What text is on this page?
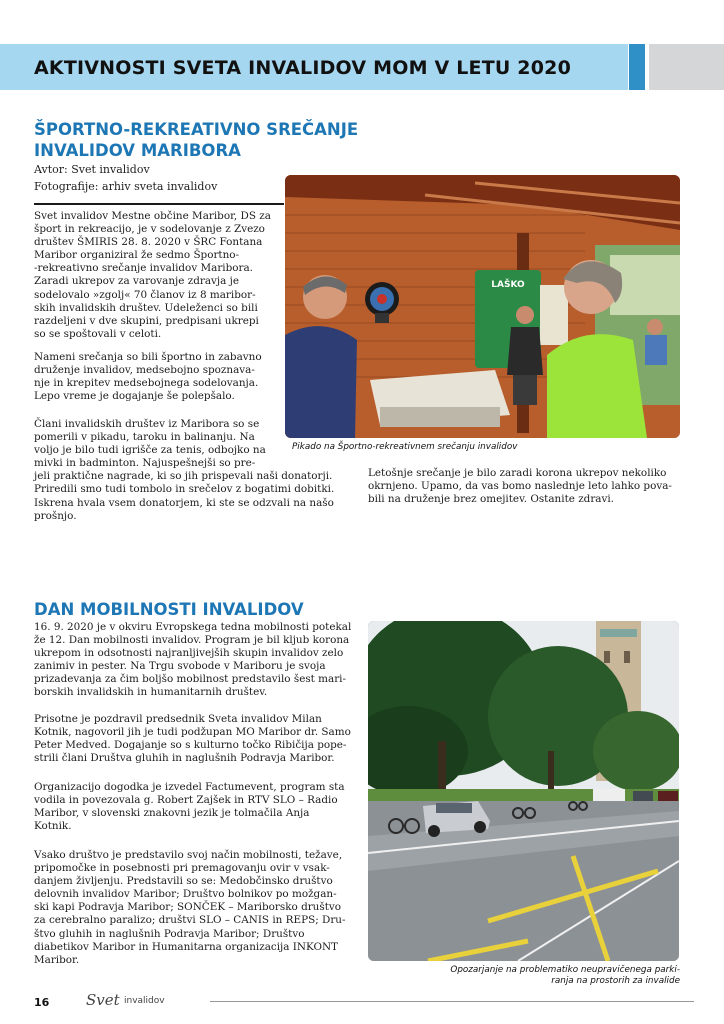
AKTIVNOSTI SVETA INVALIDOV MOM V LETU 2020
ŠPORTNO-REKREATIVNO SREČANJE
INVALIDOV MARIBORA
Avtor: Svet invalidov
Fotografije: arhiv sveta invalidov
Svet invalidov Mestne občine Maribor, DS za
šport in rekreacijo, je v sodelovanje z Zvezo
društev ŠMIRIS 28. 8. 2020 v ŠRC Fontana
Maribor organiziral že sedmo Športno-
-rekreativno srečanje invalidov Maribora.
Zaradi ukrepov za varovanje zdravja je
sodelovalo »zgolj« 70 članov iz 8 maribor-
skih invalidskih društev. Udeleženci so bili
razdeljeni v dve skupini, predpisani ukrepi
so se spoštovali v celoti.
Nameni srečanja so bili športno in zabavno
druženje invalidov, medsebojno spoznava-
nje in krepitev medsebojnega sodelovanja.
Lepo vreme je dogajanje še polepšalo.
Člani invalidskih društev iz Maribora so se
pomerili v pikadu, taroku in balinanju. Na
voljo je bilo tudi igrišče za tenis, odbojko na
mivki in badminton. Najuspešnejši so pre-
jeli praktične nagrade, ki so jih prispevali naši donatorji.
Priredili smo tudi tombolo in srečelov z bogatimi dobitki.
Iskrena hvala vsem donatorjem, ki ste se odzvali na našo
prošnjo.
LAŠKO
Pikado na Športno-rekreativnem srečanju invalidov
Letošnje srečanje je bilo zaradi korona ukrepov nekoliko
okrnjeno. Upamo, da vas bomo naslednje leto lahko pova-
bili na druženje brez omejitev. Ostanite zdravi.
DAN MOBILNOSTI INVALIDOV
16. 9. 2020 je v okviru Evropskega tedna mobilnosti potekal
že 12. Dan mobilnosti invalidov. Program je bil kljub korona
ukrepom in odsotnosti najranljivejših skupin invalidov zelo
zanimiv in pester. Na Trgu svobode v Mariboru je svoja
prizadevanja za čim boljšo mobilnost predstavilo šest mari-
borskih invalidskih in humanitarnih društev.
Prisotne je pozdravil predsednik Sveta invalidov Milan
Kotnik, nagovoril jih je tudi podžupan MO Maribor dr. Samo
Peter Medved. Dogajanje so s kulturno točko Ribičija pope-
strili člani Društva gluhih in naglušnih Podravja Maribor.
Organizacijo dogodka je izvedel Factumevent, program sta
vodila in povezovala g. Robert Zajšek in RTV SLO – Radio
Maribor, v slovenski znakovni jezik je tolmačila Anja
Kotnik.
Vsako društvo je predstavilo svoj način mobilnosti, težave,
pripomočke in posebnosti pri premagovanju ovir v vsak-
danjem življenju. Predstavili so se: Medobčinsko društvo
delovnih invalidov Maribor; Društvo bolnikov po možgan-
ski kapi Podravja Maribor; SONČEK – Mariborsko društvo
za cerebralno paralizo; društvi SLO – CANIS in REPS; Dru-
štvo gluhih in naglušnih Podravja Maribor; Društvo
diabetikov Maribor in Humanitarna organizacija INKONT
Maribor.
Opozarjanje na problematiko neupravičenega parki-
ranja na prostorih za invalide
16 Svet invalidov
